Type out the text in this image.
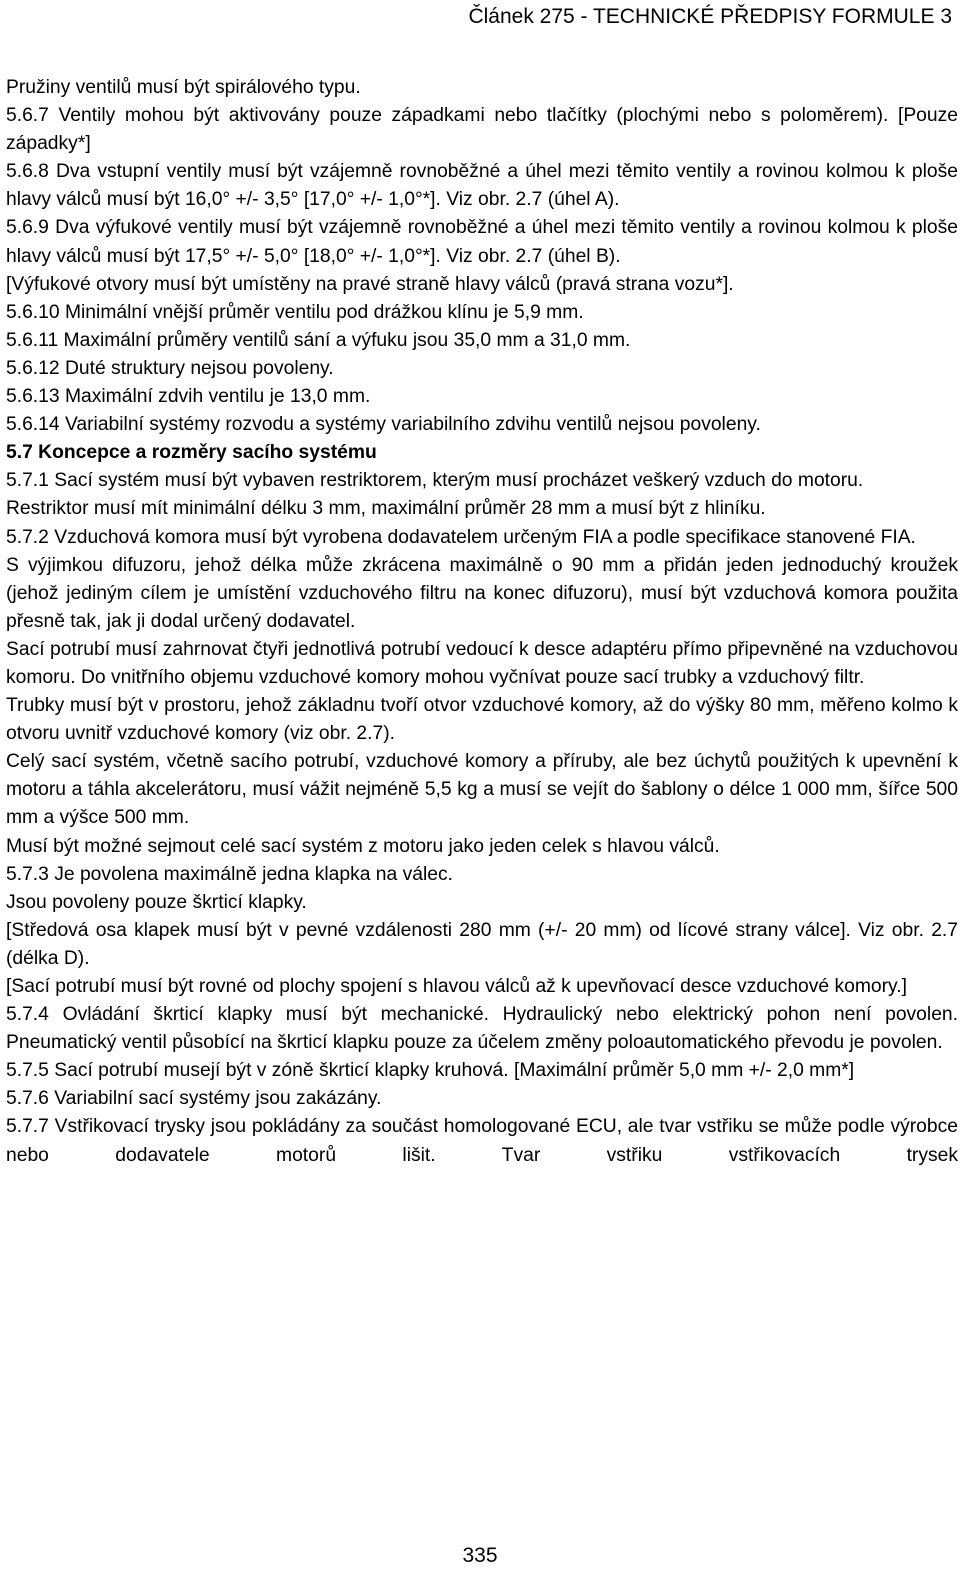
Článek 275 - TECHNICKÉ PŘEDPISY FORMULE 3
Pružiny ventilů musí být spirálového typu.
5.6.7 Ventily mohou být aktivovány pouze západkami nebo tlačítky (plochými nebo s poloměrem). [Pouze západky*]
5.6.8 Dva vstupní ventily musí být vzájemně rovnoběžné a úhel mezi těmito ventily a rovinou kolmou k ploše hlavy válců musí být 16,0° +/- 3,5° [17,0° +/- 1,0°*]. Viz obr. 2.7 (úhel A).
5.6.9 Dva výfukové ventily musí být vzájemně rovnoběžné a úhel mezi těmito ventily a rovinou kolmou k ploše hlavy válců musí být 17,5° +/- 5,0° [18,0° +/- 1,0°*]. Viz obr. 2.7 (úhel B).
[Výfukové otvory musí být umístěny na pravé straně hlavy válců (pravá strana vozu*].
5.6.10 Minimální vnější průměr ventilu pod drážkou klínu je 5,9 mm.
5.6.11 Maximální průměry ventilů sání a výfuku jsou 35,0 mm a 31,0 mm.
5.6.12 Duté struktury nejsou povoleny.
5.6.13 Maximální zdvih ventilu je 13,0 mm.
5.6.14 Variabilní systémy rozvodu a systémy variabilního zdvihu ventilů nejsou povoleny.
5.7 Koncepce a rozměry sacího systému
5.7.1 Sací systém musí být vybaven restriktorem, kterým musí procházet veškerý vzduch do motoru.
Restriktor musí mít minimální délku 3 mm, maximální průměr 28 mm a musí být z hliníku.
5.7.2 Vzduchová komora musí být vyrobena dodavatelem určeným FIA a podle specifikace stanovené FIA.
S výjimkou difuzoru, jehož délka může zkrácena maximálně o 90 mm a přidán jeden jednoduchý kroužek (jehož jediným cílem je umístění vzduchového filtru na konec difuzoru), musí být vzduchová komora použita přesně tak, jak ji dodal určený dodavatel.
Sací potrubí musí zahrnovat čtyři jednotlivá potrubí vedoucí k desce adaptéru přímo připevněné na vzduchovou komoru. Do vnitřního objemu vzduchové komory mohou vyčnívat pouze sací trubky a vzduchový filtr.
Trubky musí být v prostoru, jehož základnu tvoří otvor vzduchové komory, až do výšky 80 mm, měřeno kolmo k otvoru uvnitř vzduchové komory (viz obr. 2.7).
Celý sací systém, včetně sacího potrubí, vzduchové komory a příruby, ale bez úchytů použitých k upevnění k motoru a táhla akcelerátoru, musí vážit nejméně 5,5 kg a musí se vejít do šablony o délce 1 000 mm, šířce 500 mm a výšce 500 mm.
Musí být možné sejmout celé sací systém z motoru jako jeden celek s hlavou válců.
5.7.3 Je povolena maximálně jedna klapka na válec.
Jsou povoleny pouze škrticí klapky.
[Středová osa klapek musí být v pevné vzdálenosti 280 mm (+/- 20 mm) od lícové strany válce]. Viz obr. 2.7 (délka D).
[Sací potrubí musí být rovné od plochy spojení s hlavou válců až k upevňovací desce vzduchové komory.]
5.7.4 Ovládání škrticí klapky musí být mechanické. Hydraulický nebo elektrický pohon není povolen. Pneumatický ventil působící na škrticí klapku pouze za účelem změny poloautomatického převodu je povolen.
5.7.5 Sací potrubí musejí být v zóně škrticí klapky kruhová. [Maximální průměr 5,0 mm +/- 2,0 mm*]
5.7.6 Variabilní sací systémy jsou zakázány.
5.7.7 Vstřikovací trysky jsou pokládány za součást homologované ECU, ale tvar vstřiku se může podle výrobce nebo dodavatele motorů lišit. Tvar vstřiku vstřikovacích trysek
335
